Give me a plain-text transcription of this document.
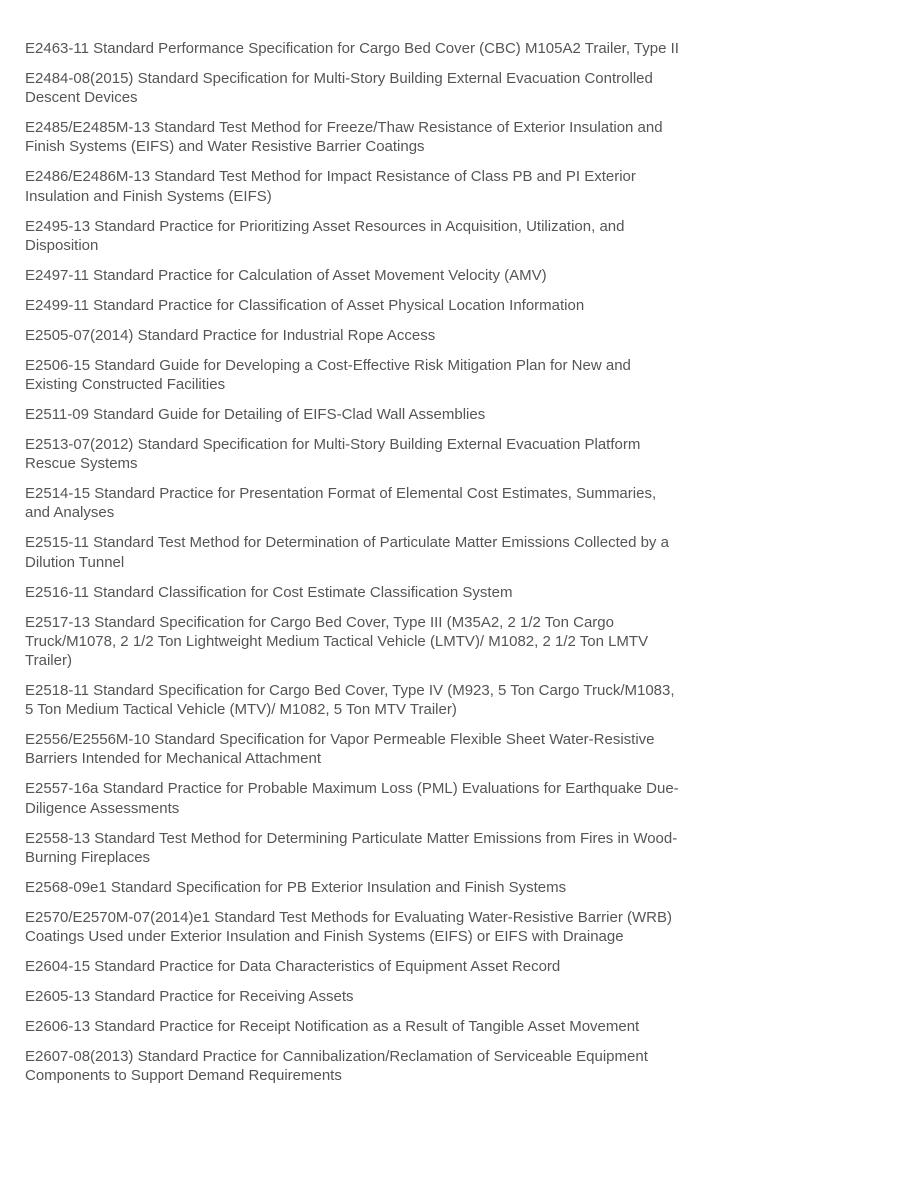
E2463-11 Standard Performance Specification for Cargo Bed Cover (CBC) M105A2 Trailer, Type II
E2484-08(2015) Standard Specification for Multi-Story Building External Evacuation Controlled Descent Devices
E2485/E2485M-13 Standard Test Method for Freeze/Thaw Resistance of Exterior Insulation and Finish Systems (EIFS) and Water Resistive Barrier Coatings
E2486/E2486M-13 Standard Test Method for Impact Resistance of Class PB and PI Exterior Insulation and Finish Systems (EIFS)
E2495-13 Standard Practice for Prioritizing Asset Resources in Acquisition, Utilization, and Disposition
E2497-11 Standard Practice for Calculation of Asset Movement Velocity (AMV)
E2499-11 Standard Practice for Classification of Asset Physical Location Information
E2505-07(2014) Standard Practice for Industrial Rope Access
E2506-15 Standard Guide for Developing a Cost-Effective Risk Mitigation Plan for New and Existing Constructed Facilities
E2511-09 Standard Guide for Detailing of EIFS-Clad Wall Assemblies
E2513-07(2012) Standard Specification for Multi-Story Building External Evacuation Platform Rescue Systems
E2514-15 Standard Practice for Presentation Format of Elemental Cost Estimates, Summaries, and Analyses
E2515-11 Standard Test Method for Determination of Particulate Matter Emissions Collected by a Dilution Tunnel
E2516-11 Standard Classification for Cost Estimate Classification System
E2517-13 Standard Specification for Cargo Bed Cover, Type III (M35A2, 2 1/2 Ton Cargo Truck/M1078, 2 1/2 Ton Lightweight Medium Tactical Vehicle (LMTV)/ M1082, 2 1/2 Ton LMTV Trailer)
E2518-11 Standard Specification for Cargo Bed Cover, Type IV (M923, 5 Ton Cargo Truck/M1083, 5 Ton Medium Tactical Vehicle (MTV)/ M1082, 5 Ton MTV Trailer)
E2556/E2556M-10 Standard Specification for Vapor Permeable Flexible Sheet Water-Resistive Barriers Intended for Mechanical Attachment
E2557-16a Standard Practice for Probable Maximum Loss (PML) Evaluations for Earthquake Due-Diligence Assessments
E2558-13 Standard Test Method for Determining Particulate Matter Emissions from Fires in Wood-Burning Fireplaces
E2568-09e1 Standard Specification for PB Exterior Insulation and Finish Systems
E2570/E2570M-07(2014)e1 Standard Test Methods for Evaluating Water-Resistive Barrier (WRB) Coatings Used under Exterior Insulation and Finish Systems (EIFS) or EIFS with Drainage
E2604-15 Standard Practice for Data Characteristics of Equipment Asset Record
E2605-13 Standard Practice for Receiving Assets
E2606-13 Standard Practice for Receipt Notification as a Result of Tangible Asset Movement
E2607-08(2013) Standard Practice for Cannibalization/Reclamation of Serviceable Equipment Components to Support Demand Requirements
